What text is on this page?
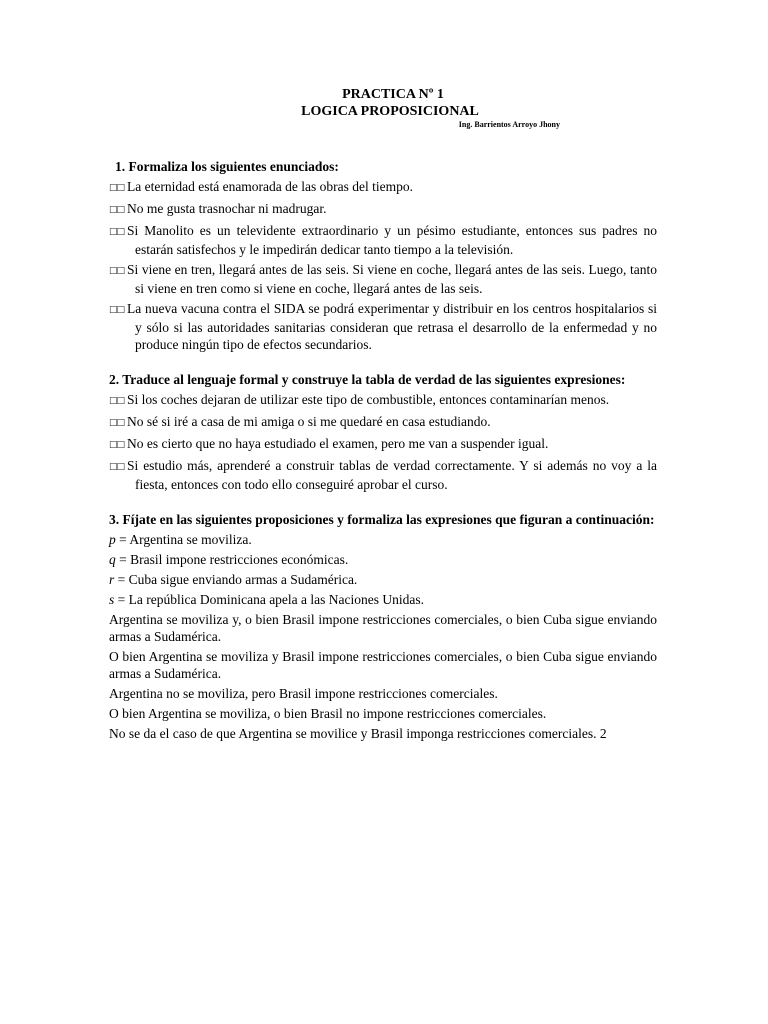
PRACTICA Nº 1
LOGICA PROPOSICIONAL
Ing. Barrientos Arroyo Jhony
1. Formaliza los siguientes enunciados:
□□ La eternidad está enamorada de las obras del tiempo.
□□ No me gusta trasnochar ni madrugar.
□□ Si Manolito es un televidente extraordinario y un pésimo estudiante, entonces sus padres no estarán satisfechos y le impedirán dedicar tanto tiempo a la televisión.
□□ Si viene en tren, llegará antes de las seis. Si viene en coche, llegará antes de las seis. Luego, tanto si viene en tren como si viene en coche, llegará antes de las seis.
□□ La nueva vacuna contra el SIDA se podrá experimentar y distribuir en los centros hospitalarios si y sólo si las autoridades sanitarias consideran que retrasa el desarrollo de la enfermedad y no produce ningún tipo de efectos secundarios.
2. Traduce al lenguaje formal y construye la tabla de verdad de las siguientes expresiones:
□□ Si los coches dejaran de utilizar este tipo de combustible, entonces contaminarían menos.
□□ No sé si iré a casa de mi amiga o si me quedaré en casa estudiando.
□□ No es cierto que no haya estudiado el examen, pero me van a suspender igual.
□□ Si estudio más, aprenderé a construir tablas de verdad correctamente. Y si además no voy a la fiesta, entonces con todo ello conseguiré aprobar el curso.
3. Fíjate en las siguientes proposiciones y formaliza las expresiones que figuran a continuación:
p = Argentina se moviliza.
q = Brasil impone restricciones económicas.
r = Cuba sigue enviando armas a Sudamérica.
s = La república Dominicana apela a las Naciones Unidas.
Argentina se moviliza y, o bien Brasil impone restricciones comerciales, o bien Cuba sigue enviando armas a Sudamérica.
O bien Argentina se moviliza y Brasil impone restricciones comerciales, o bien Cuba sigue enviando armas a Sudamérica.
Argentina no se moviliza, pero Brasil impone restricciones comerciales.
O bien Argentina se moviliza, o bien Brasil no impone restricciones comerciales.
No se da el caso de que Argentina se movilice y Brasil imponga restricciones comerciales. 2
